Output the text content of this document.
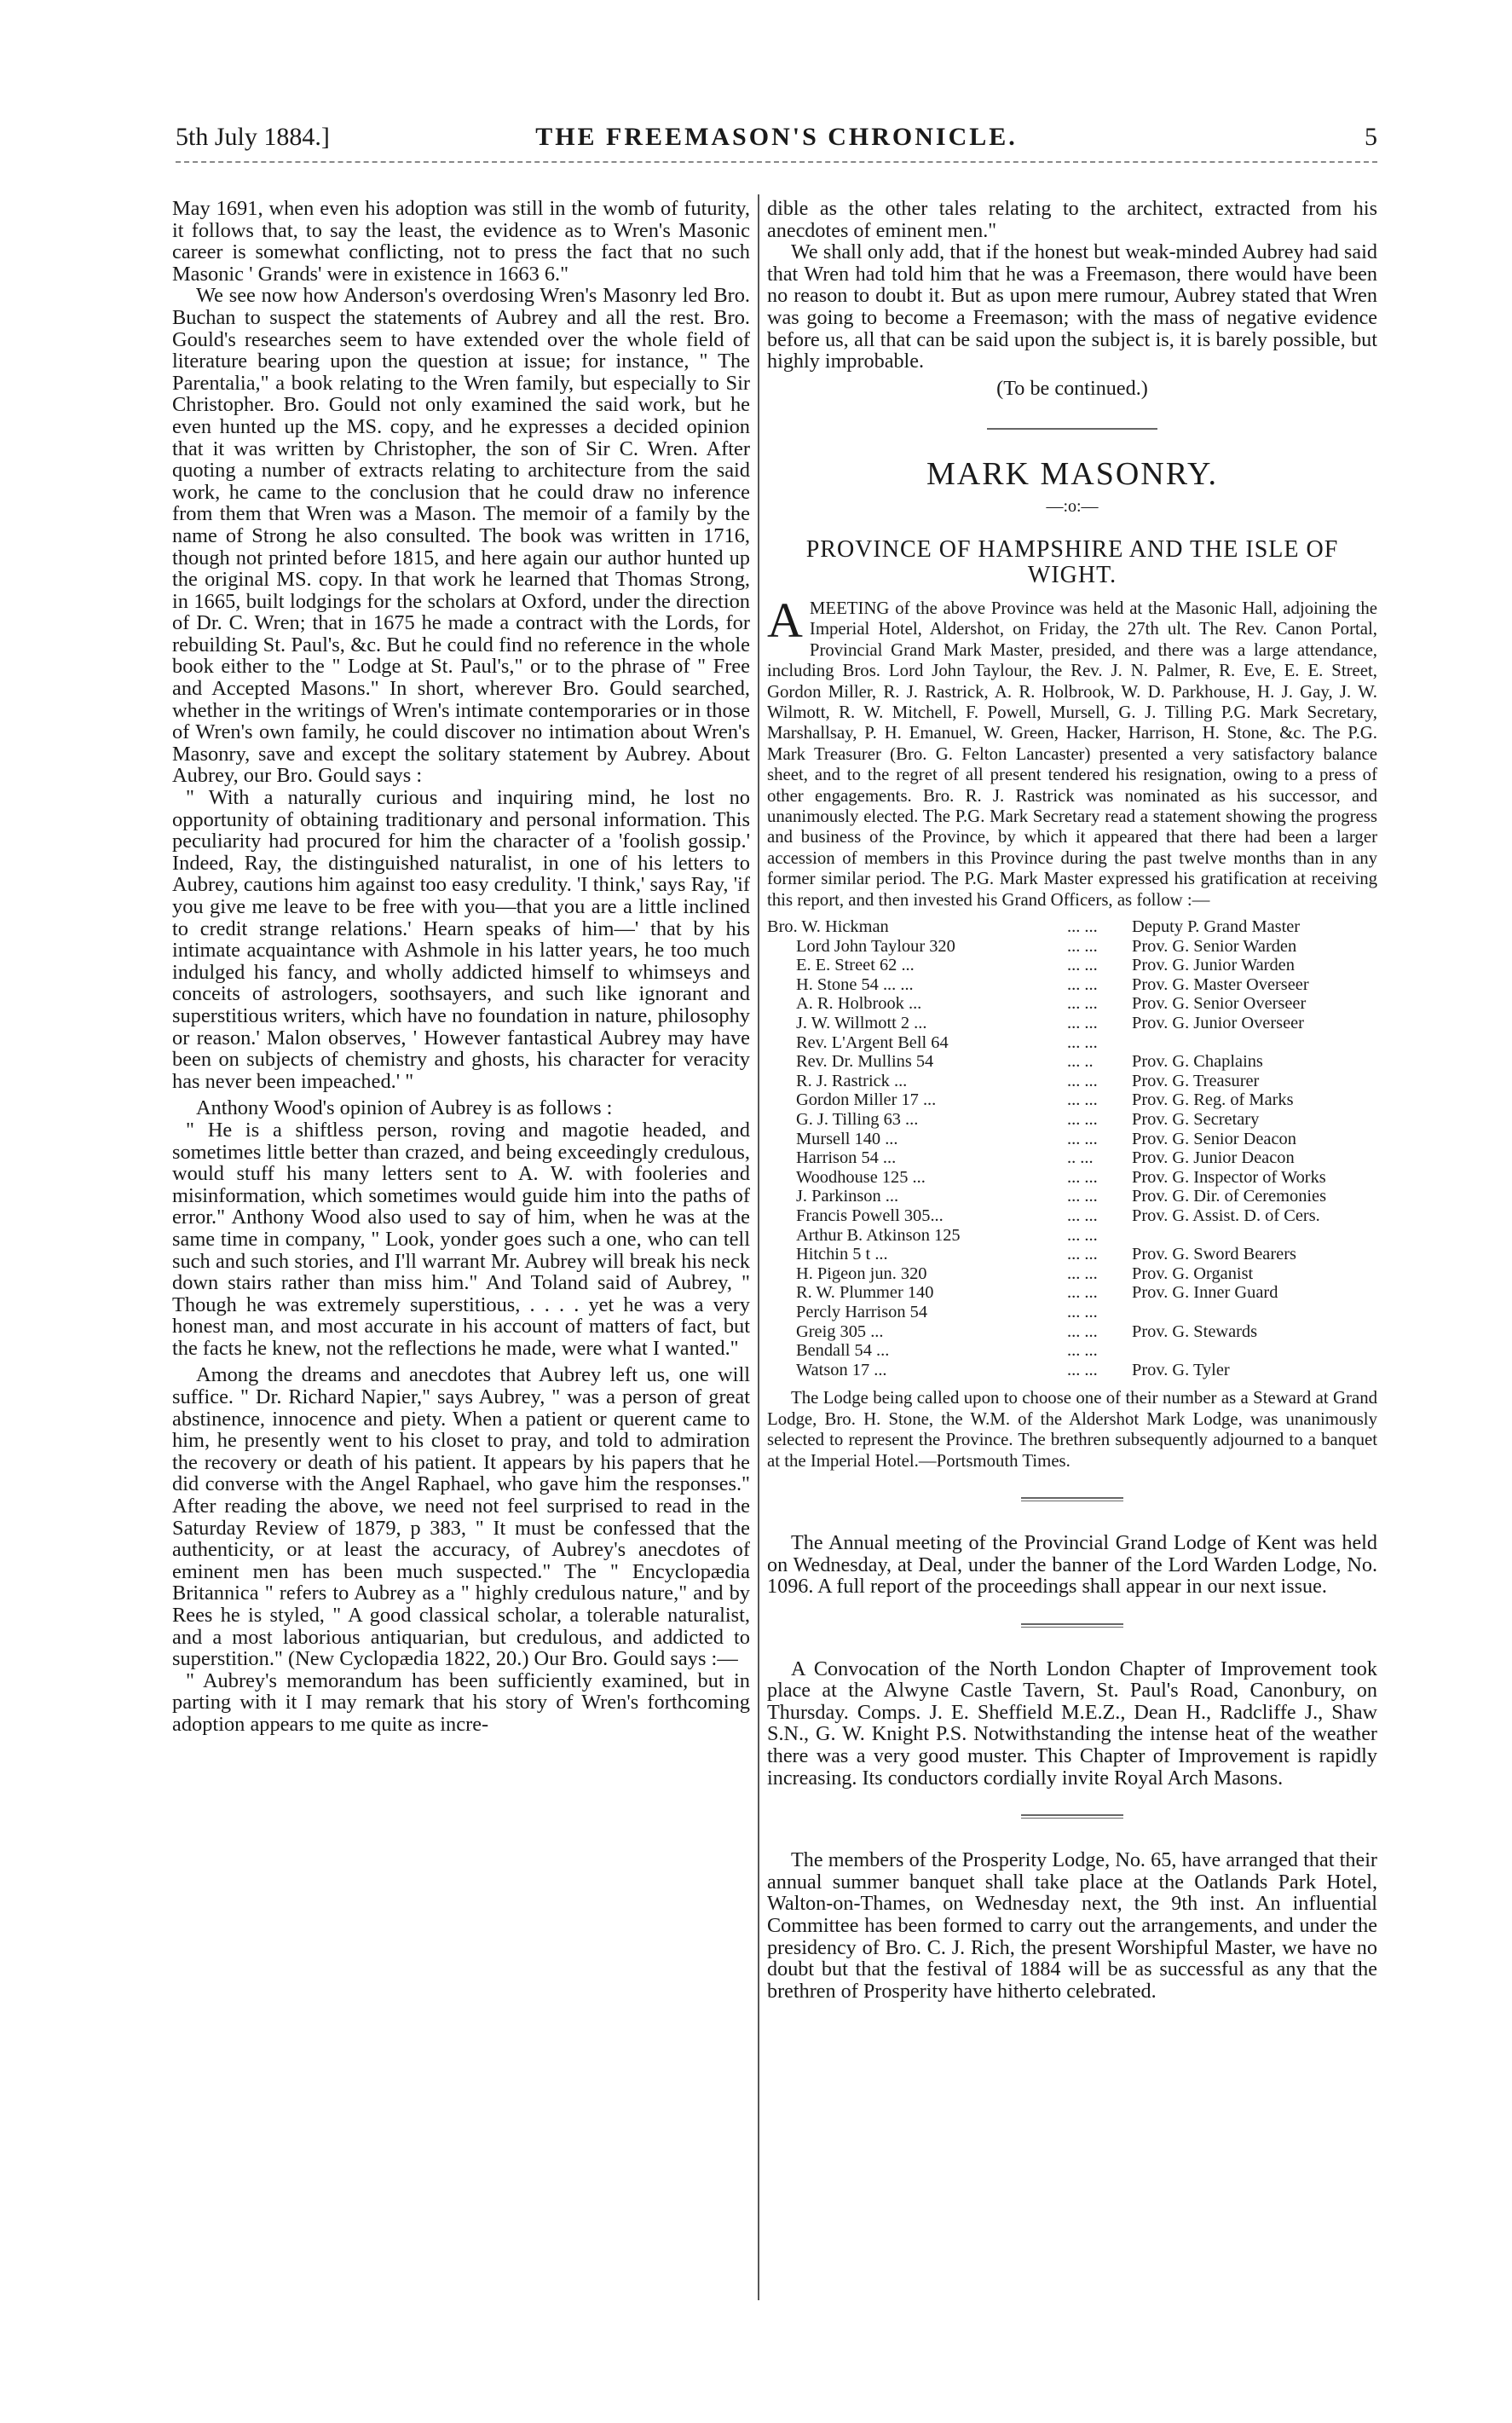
5th July 1884.]	THE FREEMASON'S CHRONICLE.	5

May 1691, when even his adoption was still in the womb of futurity, it follows that, to say the least, the evidence as to Wren's Masonic career is somewhat conflicting, not to press the fact that no such Masonic ' Grands' were in existence in 1663 6."

We see now how Anderson's overdosing Wren's Masonry led Bro. Buchan to suspect the statements of Aubrey and all the rest. Bro. Gould's researches seem to have extended over the whole field of literature bearing upon the question at issue; for instance, " The Parentalia," a book relating to the Wren family, but especially to Sir Christopher. Bro. Gould not only examined the said work, but he even hunted up the MS. copy, and he expresses a decided opinion that it was written by Christopher, the son of Sir C. Wren. After quoting a number of extracts relating to architecture from the said work, he came to the conclusion that he could draw no inference from them that Wren was a Mason. The memoir of a family by the name of Strong he also consulted. The book was written in 1716, though not printed before 1815, and here again our author hunted up the original MS. copy. In that work he learned that Thomas Strong, in 1665, built lodgings for the scholars at Oxford, under the direction of Dr. C. Wren; that in 1675 he made a contract with the Lords, for rebuilding St. Paul's, &c. But he could find no reference in the whole book either to the " Lodge at St. Paul's," or to the phrase of " Free and Accepted Masons." In short, wherever Bro. Gould searched, whether in the writings of Wren's intimate contemporaries or in those of Wren's own family, he could discover no intimation about Wren's Masonry, save and except the solitary statement by Aubrey. About Aubrey, our Bro. Gould says :

" With a naturally curious and inquiring mind, he lost no opportunity of obtaining traditionary and personal information. This peculiarity had procured for him the character of a 'foolish gossip.' Indeed, Ray, the distinguished naturalist, in one of his letters to Aubrey, cautions him against too easy credulity. 'I think,' says Ray, 'if you give me leave to be free with you—that you are a little inclined to credit strange relations.' Hearn speaks of him—' that by his intimate acquaintance with Ashmole in his latter years, he too much indulged his fancy, and wholly addicted himself to whimseys and conceits of astrologers, soothsayers, and such like ignorant and superstitious writers, which have no foundation in nature, philosophy or reason.' Malon observes, ' However fantastical Aubrey may have been on subjects of chemistry and ghosts, his character for veracity has never been impeached.' "

Anthony Wood's opinion of Aubrey is as follows :

" He is a shiftless person, roving and magotie headed, and sometimes little better than crazed, and being exceedingly credulous, would stuff his many letters sent to A. W. with fooleries and misinformation, which sometimes would guide him into the paths of error." Anthony Wood also used to say of him, when he was at the same time in company, " Look, yonder goes such a one, who can tell such and such stories, and I'll warrant Mr. Aubrey will break his neck down stairs rather than miss him." And Toland said of Aubrey, " Though he was extremely superstitious, . . . . yet he was a very honest man, and most accurate in his account of matters of fact, but the facts he knew, not the reflections he made, were what I wanted."

Among the dreams and anecdotes that Aubrey left us, one will suffice. " Dr. Richard Napier," says Aubrey, " was a person of great abstinence, innocence and piety. When a patient or querent came to him, he presently went to his closet to pray, and told to admiration the recovery or death of his patient. It appears by his papers that he did converse with the Angel Raphael, who gave him the responses." After reading the above, we need not feel surprised to read in the Saturday Review of 1879, p 383, " It must be confessed that the authenticity, or at least the accuracy, of Aubrey's anecdotes of eminent men has been much suspected." The " Encyclopædia Britannica " refers to Aubrey as a " highly credulous nature," and by Rees he is styled, " A good classical scholar, a tolerable naturalist, and a most laborious antiquarian, but credulous, and addicted to superstition." (New Cyclopædia 1822, 20.) Our Bro. Gould says :—

" Aubrey's memorandum has been sufficiently examined, but in parting with it I may remark that his story of Wren's forthcoming adoption appears to me quite as incre-

dible as the other tales relating to the architect, extracted from his anecdotes of eminent men."

We shall only add, that if the honest but weak-minded Aubrey had said that Wren had told him that he was a Freemason, there would have been no reason to doubt it. But as upon mere rumour, Aubrey stated that Wren was going to become a Freemason; with the mass of negative evidence before us, all that can be said upon the subject is, it is barely possible, but highly improbable.

(To be continued.)

MARK MASONRY.
—:o:—
PROVINCE OF HAMPSHIRE AND THE ISLE OF WIGHT.

AMEETING of the above Province was held at the Masonic Hall, adjoining the Imperial Hotel, Aldershot, on Friday, the 27th ult. The Rev. Canon Portal, Provincial Grand Mark Master, presided, and there was a large attendance, including Bros. Lord John Taylour, the Rev. J. N. Palmer, R. Eve, E. E. Street, Gordon Miller, R. J. Rastrick, A. R. Holbrook, W. D. Parkhouse, H. J. Gay, J. W. Wilmott, R. W. Mitchell, F. Powell, Mursell, G. J. Tilling P.G. Mark Secretary, Marshallsay, P. H. Emanuel, W. Green, Hacker, Harrison, H. Stone, &c. The P.G. Mark Treasurer (Bro. G. Felton Lancaster) presented a very satisfactory balance sheet, and to the regret of all present tendered his resignation, owing to a press of other engagements. Bro. R. J. Rastrick was nominated as his successor, and unanimously elected. The P.G. Mark Secretary read a statement showing the progress and business of the Province, by which it appeared that there had been a larger accession of members in this Province during the past twelve months than in any former similar period. The P.G. Mark Master expressed his gratification at receiving this report, and then invested his Grand Officers, as follow :—

Bro. W. Hickman	... ...	Deputy P. Grand Master
Lord John Taylour 320	... ...	Prov. G. Senior Warden
E. E. Street 62 ...	... ...	Prov. G. Junior Warden
H. Stone 54 ... ...	... ...	Prov. G. Master Overseer
A. R. Holbrook ...	... ...	Prov. G. Senior Overseer
J. W. Willmott 2 ...	... ...	Prov. G. Junior Overseer
Rev. L'Argent Bell 64	... ...	
Rev. Dr. Mullins 54	... ..	Prov. G. Chaplains
R. J. Rastrick ...	... ...	Prov. G. Treasurer
Gordon Miller 17 ...	... ...	Prov. G. Reg. of Marks
G. J. Tilling 63 ...	... ...	Prov. G. Secretary
Mursell 140 ...	... ...	Prov. G. Senior Deacon
Harrison 54 ...	.. ...	Prov. G. Junior Deacon
Woodhouse 125 ...	... ...	Prov. G. Inspector of Works
J. Parkinson ...	... ...	Prov. G. Dir. of Ceremonies
Francis Powell 305...	... ...	Prov. G. Assist. D. of Cers.
Arthur B. Atkinson 125	... ...	
Hitchin 5 t ...	... ...	Prov. G. Sword Bearers
H. Pigeon jun. 320	... ...	Prov. G. Organist
R. W. Plummer 140	... ...	Prov. G. Inner Guard
Percly Harrison 54	... ...	
Greig 305 ...	... ...	Prov. G. Stewards
Bendall 54 ...	... ...	
Watson 17 ...	... ...	Prov. G. Tyler

The Lodge being called upon to choose one of their number as a Steward at Grand Lodge, Bro. H. Stone, the W.M. of the Aldershot Mark Lodge, was unanimously selected to represent the Province. The brethren subsequently adjourned to a banquet at the Imperial Hotel.—Portsmouth Times.

The Annual meeting of the Provincial Grand Lodge of Kent was held on Wednesday, at Deal, under the banner of the Lord Warden Lodge, No. 1096. A full report of the proceedings shall appear in our next issue.

A Convocation of the North London Chapter of Improvement took place at the Alwyne Castle Tavern, St. Paul's Road, Canonbury, on Thursday. Comps. J. E. Sheffield M.E.Z., Dean H., Radcliffe J., Shaw S.N., G. W. Knight P.S. Notwithstanding the intense heat of the weather there was a very good muster. This Chapter of Improvement is rapidly increasing. Its conductors cordially invite Royal Arch Masons.

The members of the Prosperity Lodge, No. 65, have arranged that their annual summer banquet shall take place at the Oatlands Park Hotel, Walton-on-Thames, on Wednesday next, the 9th inst. An influential Committee has been formed to carry out the arrangements, and under the presidency of Bro. C. J. Rich, the present Worshipful Master, we have no doubt but that the festival of 1884 will be as successful as any that the brethren of Prosperity have hitherto celebrated.
